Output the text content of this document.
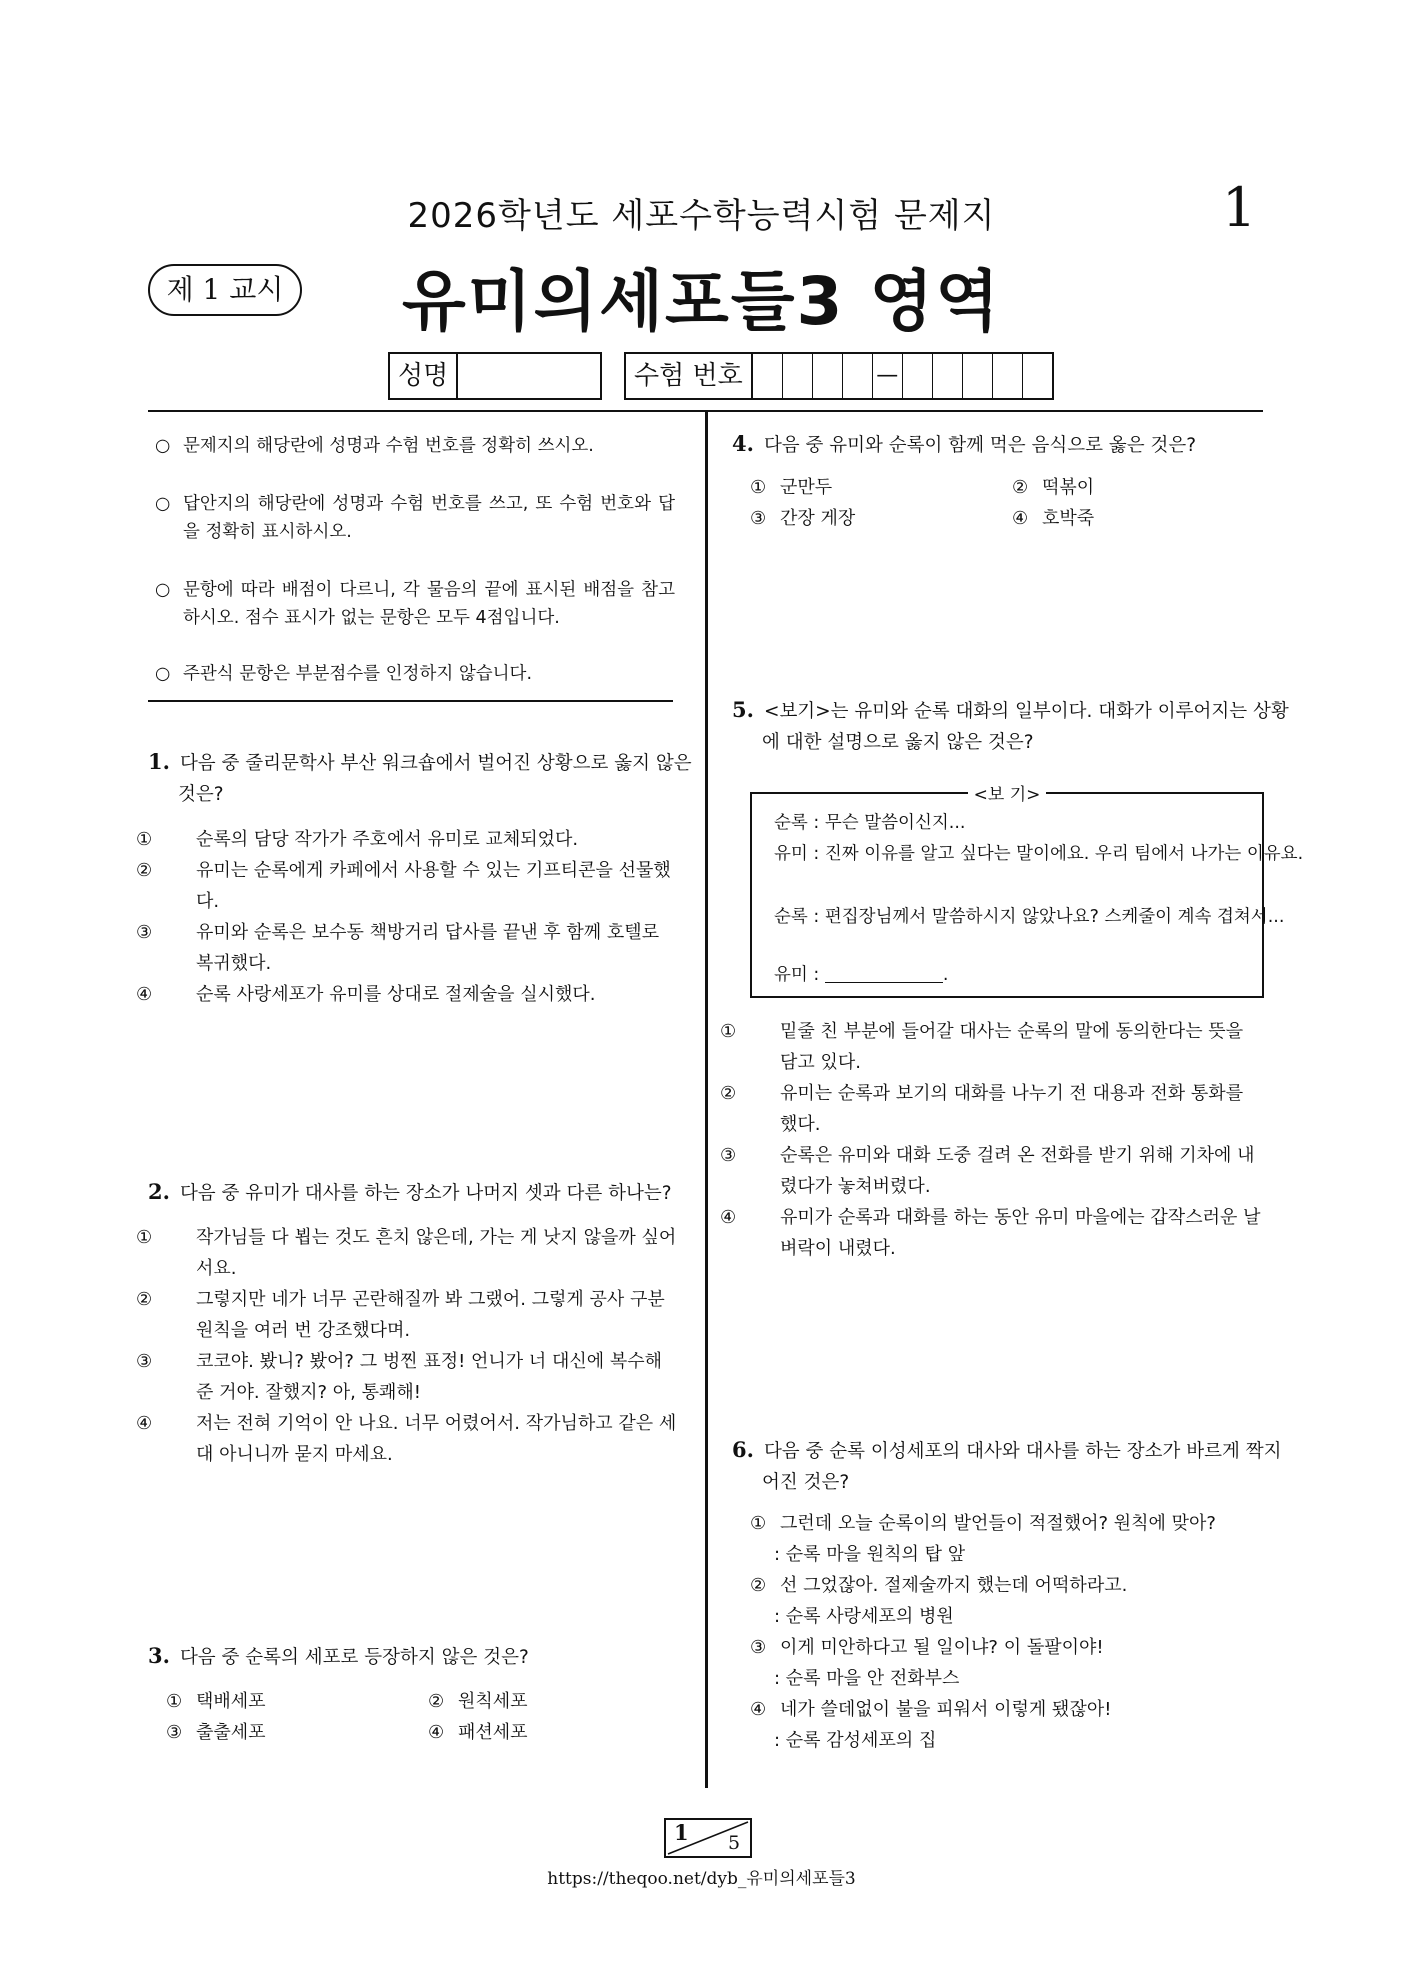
2026학년도 세포수학능력시험 문제지	1
제 1 교시	유미의세포들3 영역
성명	수험 번호	—
○ 문제지의 해당란에 성명과 수험 번호를 정확히 쓰시오.
○ 답안지의 해당란에 성명과 수험 번호를 쓰고, 또 수험 번호와 답을 정확히 표시하시오.
○ 문항에 따라 배점이 다르니, 각 물음의 끝에 표시된 배점을 참고하시오. 점수 표시가 없는 문항은 모두 4점입니다.
○ 주관식 문항은 부분점수를 인정하지 않습니다.
1. 다음 중 줄리문학사 부산 워크숍에서 벌어진 상황으로 옳지 않은 것은?
① 순록의 담당 작가가 주호에서 유미로 교체되었다.
② 유미는 순록에게 카페에서 사용할 수 있는 기프티콘을 선물했다.
③ 유미와 순록은 보수동 책방거리 답사를 끝낸 후 함께 호텔로 복귀했다.
④ 순록 사랑세포가 유미를 상대로 절제술을 실시했다.
2. 다음 중 유미가 대사를 하는 장소가 나머지 셋과 다른 하나는?
① 작가님들 다 뵙는 것도 흔치 않은데, 가는 게 낫지 않을까 싶어서요.
② 그렇지만 네가 너무 곤란해질까 봐 그랬어. 그렇게 공사 구분 원칙을 여러 번 강조했다며.
③ 코코야. 봤니? 봤어? 그 벙찐 표정! 언니가 너 대신에 복수해 준 거야. 잘했지? 아, 통쾌해!
④ 저는 전혀 기억이 안 나요. 너무 어렸어서. 작가님하고 같은 세대 아니니까 묻지 마세요.
3. 다음 중 순록의 세포로 등장하지 않은 것은?
① 택배세포	② 원칙세포
③ 출출세포	④ 패션세포
4. 다음 중 유미와 순록이 함께 먹은 음식으로 옳은 것은?
① 군만두	② 떡볶이
③ 간장 게장	④ 호박죽
5. <보기>는 유미와 순록 대화의 일부이다. 대화가 이루어지는 상황에 대한 설명으로 옳지 않은 것은?
<보 기>
순록 : 무슨 말씀이신지...
유미 : 진짜 이유를 알고 싶다는 말이에요. 우리 팀에서 나가는 이유요.
순록 : 편집장님께서 말씀하시지 않았나요? 스케줄이 계속 겹쳐서...
유미 :	.
① 밑줄 친 부분에 들어갈 대사는 순록의 말에 동의한다는 뜻을 담고 있다.
② 유미는 순록과 보기의 대화를 나누기 전 대용과 전화 통화를 했다.
③ 순록은 유미와 대화 도중 걸려 온 전화를 받기 위해 기차에 내렸다가 놓쳐버렸다.
④ 유미가 순록과 대화를 하는 동안 유미 마을에는 갑작스러운 날벼락이 내렸다.
6. 다음 중 순록 이성세포의 대사와 대사를 하는 장소가 바르게 짝지어진 것은?
① 그런데 오늘 순록이의 발언들이 적절했어? 원칙에 맞아?
: 순록 마을 원칙의 탑 앞
② 선 그었잖아. 절제술까지 했는데 어떡하라고.
: 순록 사랑세포의 병원
③ 이게 미안하다고 될 일이냐? 이 돌팔이야!
: 순록 마을 안 전화부스
④ 네가 쓸데없이 불을 피워서 이렇게 됐잖아!
: 순록 감성세포의 집
1 5
https://theqoo.net/dyb_유미의세포들3
